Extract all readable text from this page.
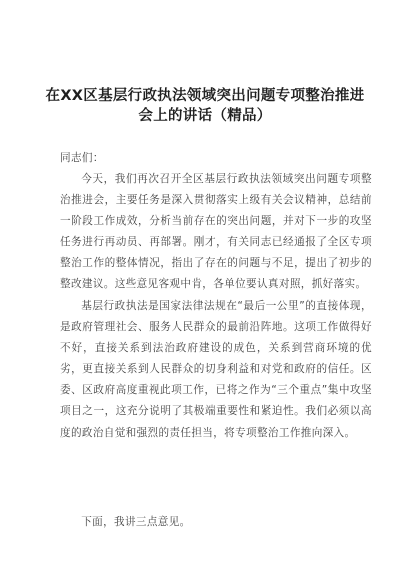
在XX区基层行政执法领域突出问题专项整治推进
会上的讲话（精品）

同志们：

今天，我们再次召开全区基层行政执法领域突出问题专项整治推进会，主要任务是深入贯彻落实上级有关会议精神，总结前一阶段工作成效，分析当前存在的突出问题，并对下一步的攻坚任务进行再动员、再部署。刚才，有关同志已经通报了全区专项整治工作的整体情况，指出了存在的问题与不足，提出了初步的整改建议。这些意见客观中肯，各单位要认真对照，抓好落实。

基层行政执法是国家法律法规在“最后一公里”的直接体现，是政府管理社会、服务人民群众的最前沿阵地。这项工作做得好不好，直接关系到法治政府建设的成色，关系到营商环境的优劣，更直接关系到人民群众的切身利益和对党和政府的信任。区委、区政府高度重视此项工作，已将之作为“三个重点”集中攻坚项目之一，这充分说明了其极端重要性和紧迫性。我们必须以高度的政治自觉和强烈的责任担当，将专项整治工作推向深入。

下面，我讲三点意见。
